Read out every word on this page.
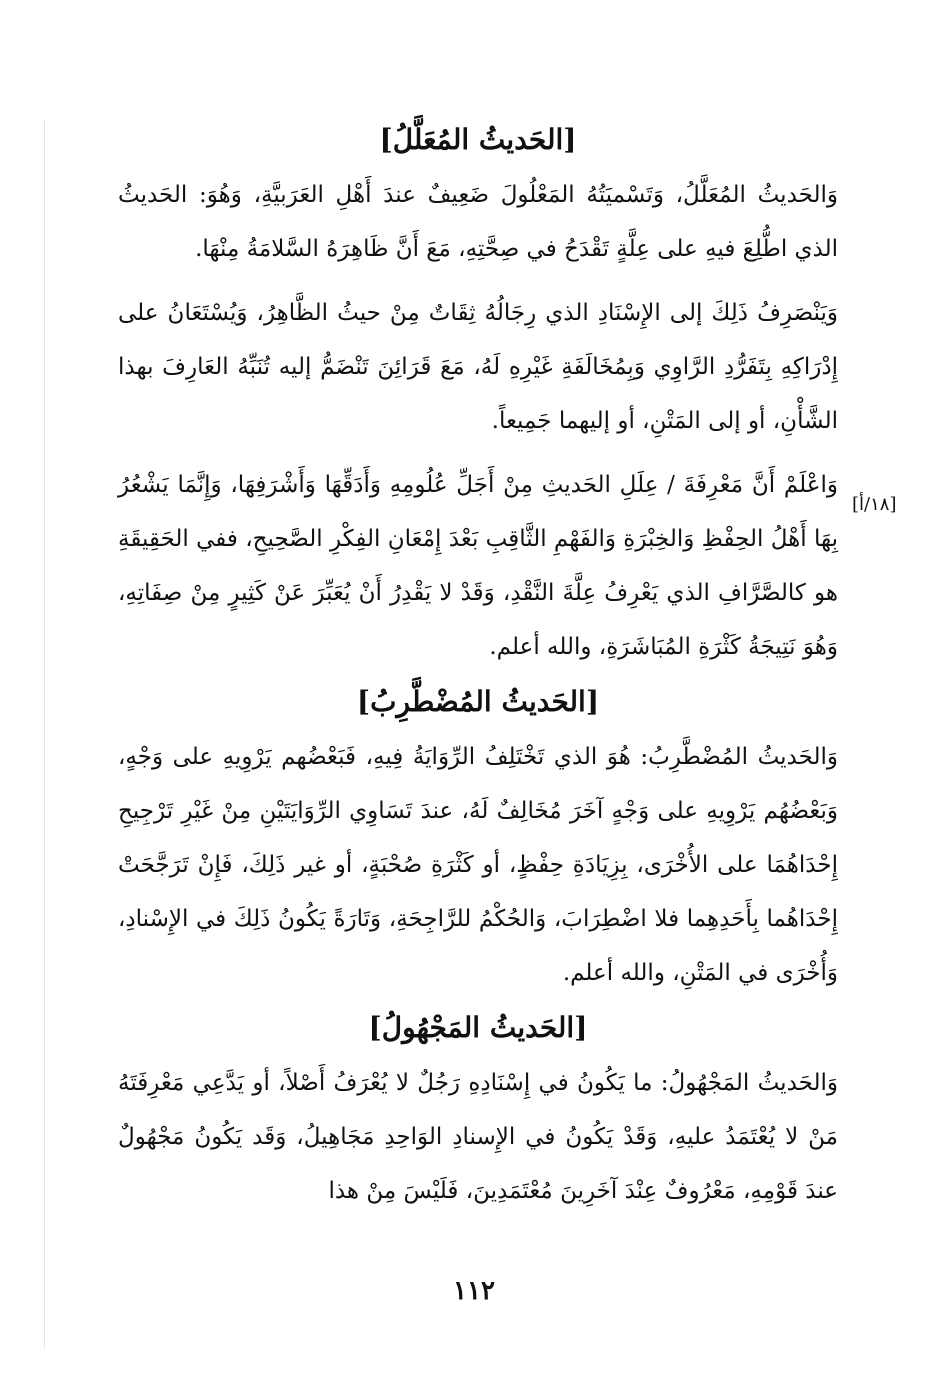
[١٨/أ]
[الحَديثُ المُعَلَّلُ]

وَالحَديثُ المُعَلَّلُ، وَتَسْميَتُهُ المَعْلُولَ ضَعِيفٌ عندَ أَهْلِ العَرَبيَّةِ، وَهُوَ: الحَديثُ الذي اطُّلِعَ فيهِ على عِلَّةٍ تَقْدَحُ في صِحَّتِهِ، مَعَ أَنَّ ظَاهِرَهُ السَّلامَةُ مِنْهَا.

وَيَنْصَرِفُ ذَلِكَ إلى الإِسْنَادِ الذي رِجَالُهُ ثِقَاتٌ مِنْ حيثُ الظَّاهِرُ، وَيُسْتَعَانُ على إِدْرَاكِهِ بِتَفَرُّدِ الرَّاوِي وَبِمُخَالَفَةِ غَيْرِهِ لَهُ، مَعَ قَرَائِنَ تَنْضَمُّ إليه تُنَبِّهُ العَارِفَ بهذا الشَّأْنِ، أو إلى المَتْنِ، أو إليهما جَمِيعاً.

وَاعْلَمْ أَنَّ مَعْرِفَةَ / عِلَلِ الحَديثِ مِنْ أَجَلِّ عُلُومِهِ وَأَدَقِّهَا وَأَشْرَفِهَا، وَإِنَّمَا يَشْعُرُ بِهَا أَهْلُ الحِفْظِ وَالخِبْرَةِ وَالفَهْمِ الثَّاقِبِ بَعْدَ إِمْعَانِ الفِكْرِ الصَّحِيحِ، ففي الحَقِيقَةِ هو كالصَّرَّافِ الذي يَعْرِفُ عِلَّةَ النَّقْدِ، وَقَدْ لا يَقْدِرُ أَنْ يُعَبِّرَ عَنْ كَثِيرٍ مِنْ صِفَاتِهِ، وَهُوَ نَتِيجَةُ كَثْرَةِ المُبَاشَرَةِ، والله أعلم.

[الحَديثُ المُضْطَّرِبُ]

وَالحَديثُ المُضْطَّرِبُ: هُوَ الذي تَخْتَلِفُ الرِّوَايَةُ فِيهِ، فَبَعْضُهم يَرْوِيهِ على وَجْهٍ، وَبَعْضُهُم يَرْوِيهِ على وَجْهٍ آخَرَ مُخَالِفٌ لَهُ، عندَ تَسَاوِي الرِّوَايَتَيْنِ مِنْ غَيْرِ تَرْجِيحِ إِحْدَاهُمَا على الأُخْرَى، بِزِيَادَةِ حِفْظٍ، أو كَثْرَةِ صُحْبَةٍ، أو غير ذَلِكَ، فَإِنْ تَرَجَّحَتْ إِحْدَاهُما بِأَحَدِهِما فلا اضْطِرَابَ، وَالحُكْمُ للرَّاجِحَةِ، وَتَارَةً يَكُونُ ذَلِكَ في الإِسْنادِ، وَأُخْرَى في المَتْنِ، والله أعلم.

[الحَديثُ المَجْهُولُ]

وَالحَديثُ المَجْهُولُ: ما يَكُونُ في إِسْنَادِهِ رَجُلٌ لا يُعْرَفُ أَصْلاً، أو يَدَّعِي مَعْرِفَتَهُ مَنْ لا يُعْتَمَدُ عليهِ، وَقَدْ يَكُونُ في الإِسنادِ الوَاحِدِ مَجَاهِيلُ، وَقَد يَكُونُ مَجْهُولٌ عندَ قَوْمِهِ، مَعْرُوفٌ عِنْدَ آخَرِينَ مُعْتَمَدِينَ، فَلَيْسَ مِنْ هذا

١١٢
